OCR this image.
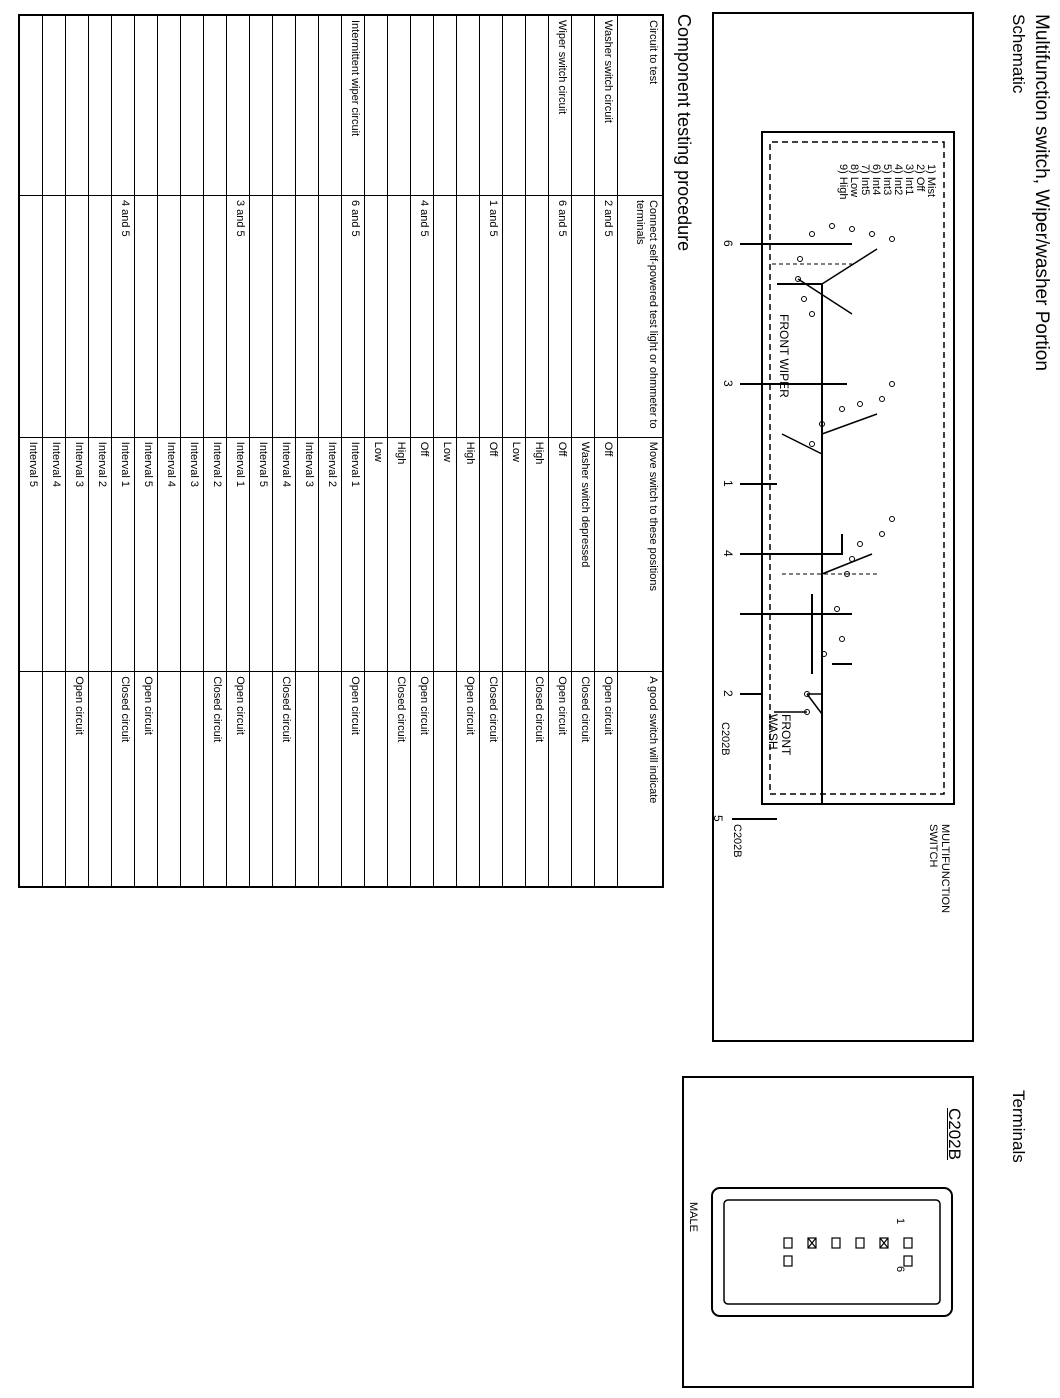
Multifunction switch, Wiper/washer Portion
Schematic
Terminals
1) Mist
2) Off
3) Int1
4) Int2
5) Int3
6) Int4
7) Int5
8) Low
9) High
6
3
1
4
2
5
FRONT WIPER
FRONT
WASH
C202B
C202B	MULTIFUNCTION
SWITCH
C202B
1
6
MALE
Component testing procedure
Circuit to test	Connect self-powered test light or ohmmeter to terminals	Move switch to these positions	A good switch will indicate
Washer switch circuit	2 and 5	Off	Open circuit
		Washer switch depressed	Closed circuit
Wiper switch circuit	6 and 5	Off	Open circuit
		High	Closed circuit
		Low	
	1 and 5	Off	Closed circuit
		High	Open circuit
		Low	
	4 and 5	Off	Open circuit
		High	Closed circuit
		Low	
Intermittent wiper circuit	6 and 5	Interval 1	Open circuit
		Interval 2	
		Interval 3	
		Interval 4	Closed circuit
		Interval 5	
	3 and 5	Interval 1	Open circuit
		Interval 2	Closed circuit
		Interval 3	
		Interval 4	
		Interval 5	Open circuit
	4 and 5	Interval 1	Closed circuit
		Interval 2	
		Interval 3	Open circuit
		Interval 4	
		Interval 5	
